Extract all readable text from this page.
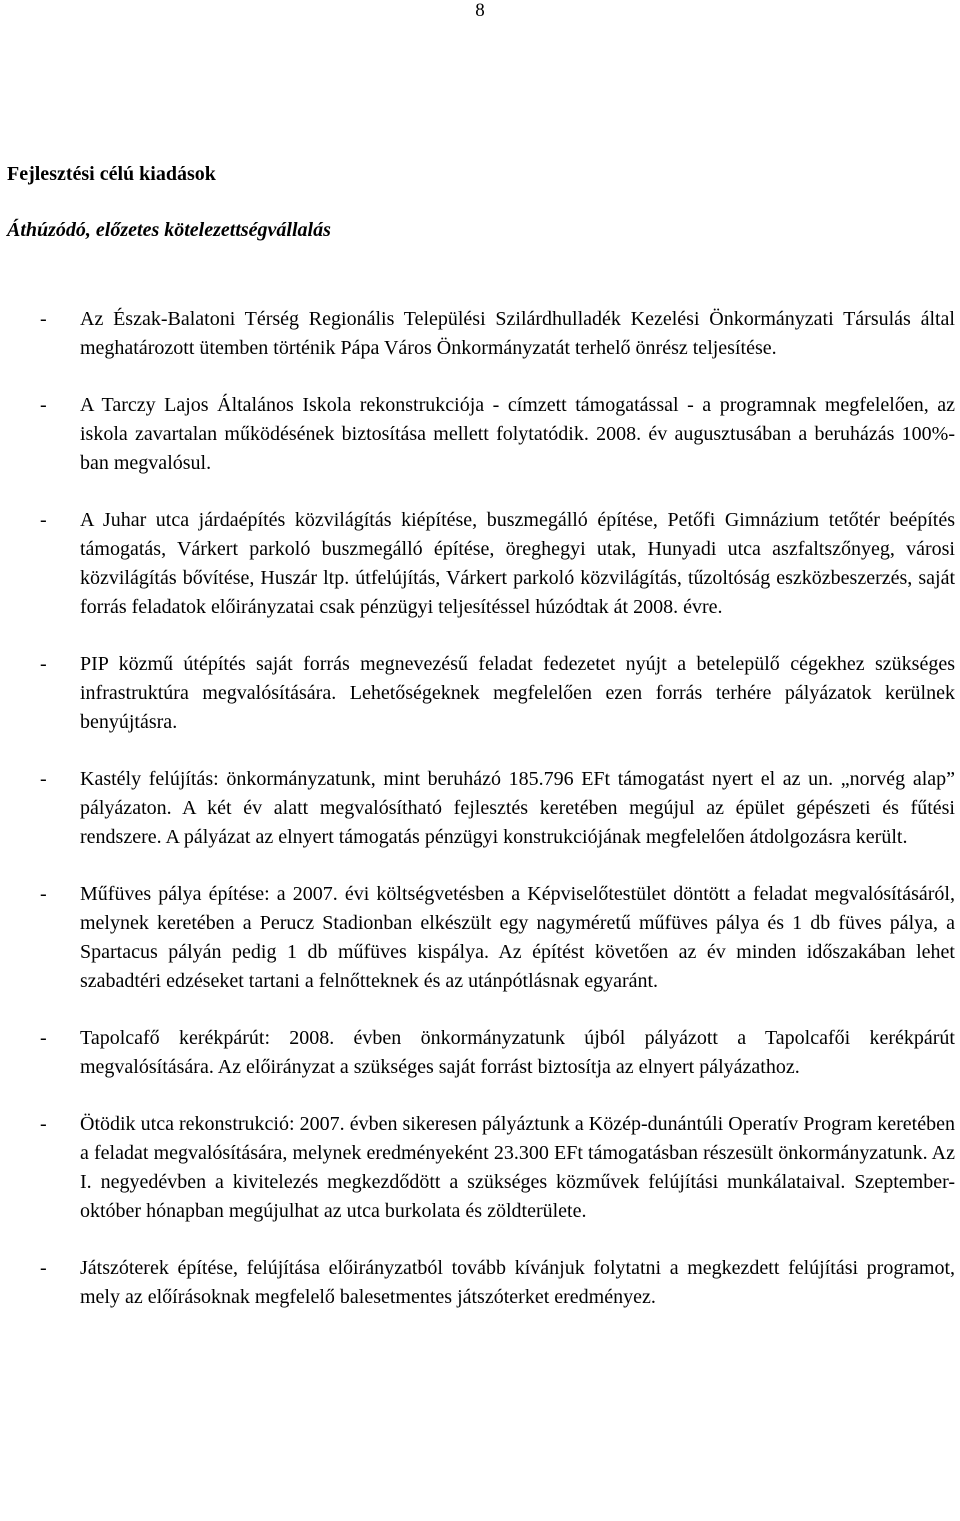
8
Fejlesztési célú kiadások
Áthúzódó, előzetes kötelezettségvállalás
- Az Észak-Balatoni Térség Regionális Települési Szilárdhulladék Kezelési Önkormányzati Társulás által meghatározott ütemben történik Pápa Város Önkormányzatát terhelő önrész teljesítése.
- A Tarczy Lajos Általános Iskola rekonstrukciója - címzett támogatással - a programnak megfelelően, az iskola zavartalan működésének biztosítása mellett folytatódik. 2008. év augusztusában a beruházás 100%-ban megvalósul.
- A Juhar utca járdaépítés közvilágítás kiépítése, buszmegálló építése, Petőfi Gimnázium tetőtér beépítés támogatás, Várkert parkoló buszmegálló építése, öreghegyi utak, Hunyadi utca aszfaltszőnyeg, városi közvilágítás bővítése, Huszár ltp. útfelújítás, Várkert parkoló közvilágítás, tűzoltóság eszközbeszerzés, saját forrás feladatok előirányzatai csak pénzügyi teljesítéssel húzódtak át 2008. évre.
- PIP közmű útépítés saját forrás megnevezésű feladat fedezetet nyújt a betelepülő cégekhez szükséges infrastruktúra megvalósítására. Lehetőségeknek megfelelően ezen forrás terhére pályázatok kerülnek benyújtásra.
- Kastély felújítás: önkormányzatunk, mint beruházó 185.796 EFt támogatást nyert el az un. „norvég alap” pályázaton. A két év alatt megvalósítható fejlesztés keretében megújul az épület gépészeti és fűtési rendszere. A pályázat az elnyert támogatás pénzügyi konstrukciójának megfelelően átdolgozásra került.
- Műfüves pálya építése: a 2007. évi költségvetésben a Képviselőtestület döntött a feladat megvalósításáról, melynek keretében a Perucz Stadionban elkészült egy nagyméretű műfüves pálya és 1 db füves pálya, a Spartacus pályán pedig 1 db műfüves kispálya. Az építést követően az év minden időszakában lehet szabadtéri edzéseket tartani a felnőtteknek és az utánpótlásnak egyaránt.
- Tapolcafő kerékpárút: 2008. évben önkormányzatunk újból pályázott a Tapolcafői kerékpárút megvalósítására. Az előirányzat a szükséges saját forrást biztosítja az elnyert pályázathoz.
- Ötödik utca rekonstrukció: 2007. évben sikeresen pályáztunk a Közép-dunántúli Operatív Program keretében a feladat megvalósítására, melynek eredményeként 23.300 EFt támogatásban részesült önkormányzatunk. Az I. negyedévben a kivitelezés megkezdődött a szükséges közművek felújítási munkálataival. Szeptember-október hónapban megújulhat az utca burkolata és zöldterülete.
- Játszóterek építése, felújítása előirányzatból tovább kívánjuk folytatni a megkezdett felújítási programot, mely az előírásoknak megfelelő balesetmentes játszóterket eredményez.
